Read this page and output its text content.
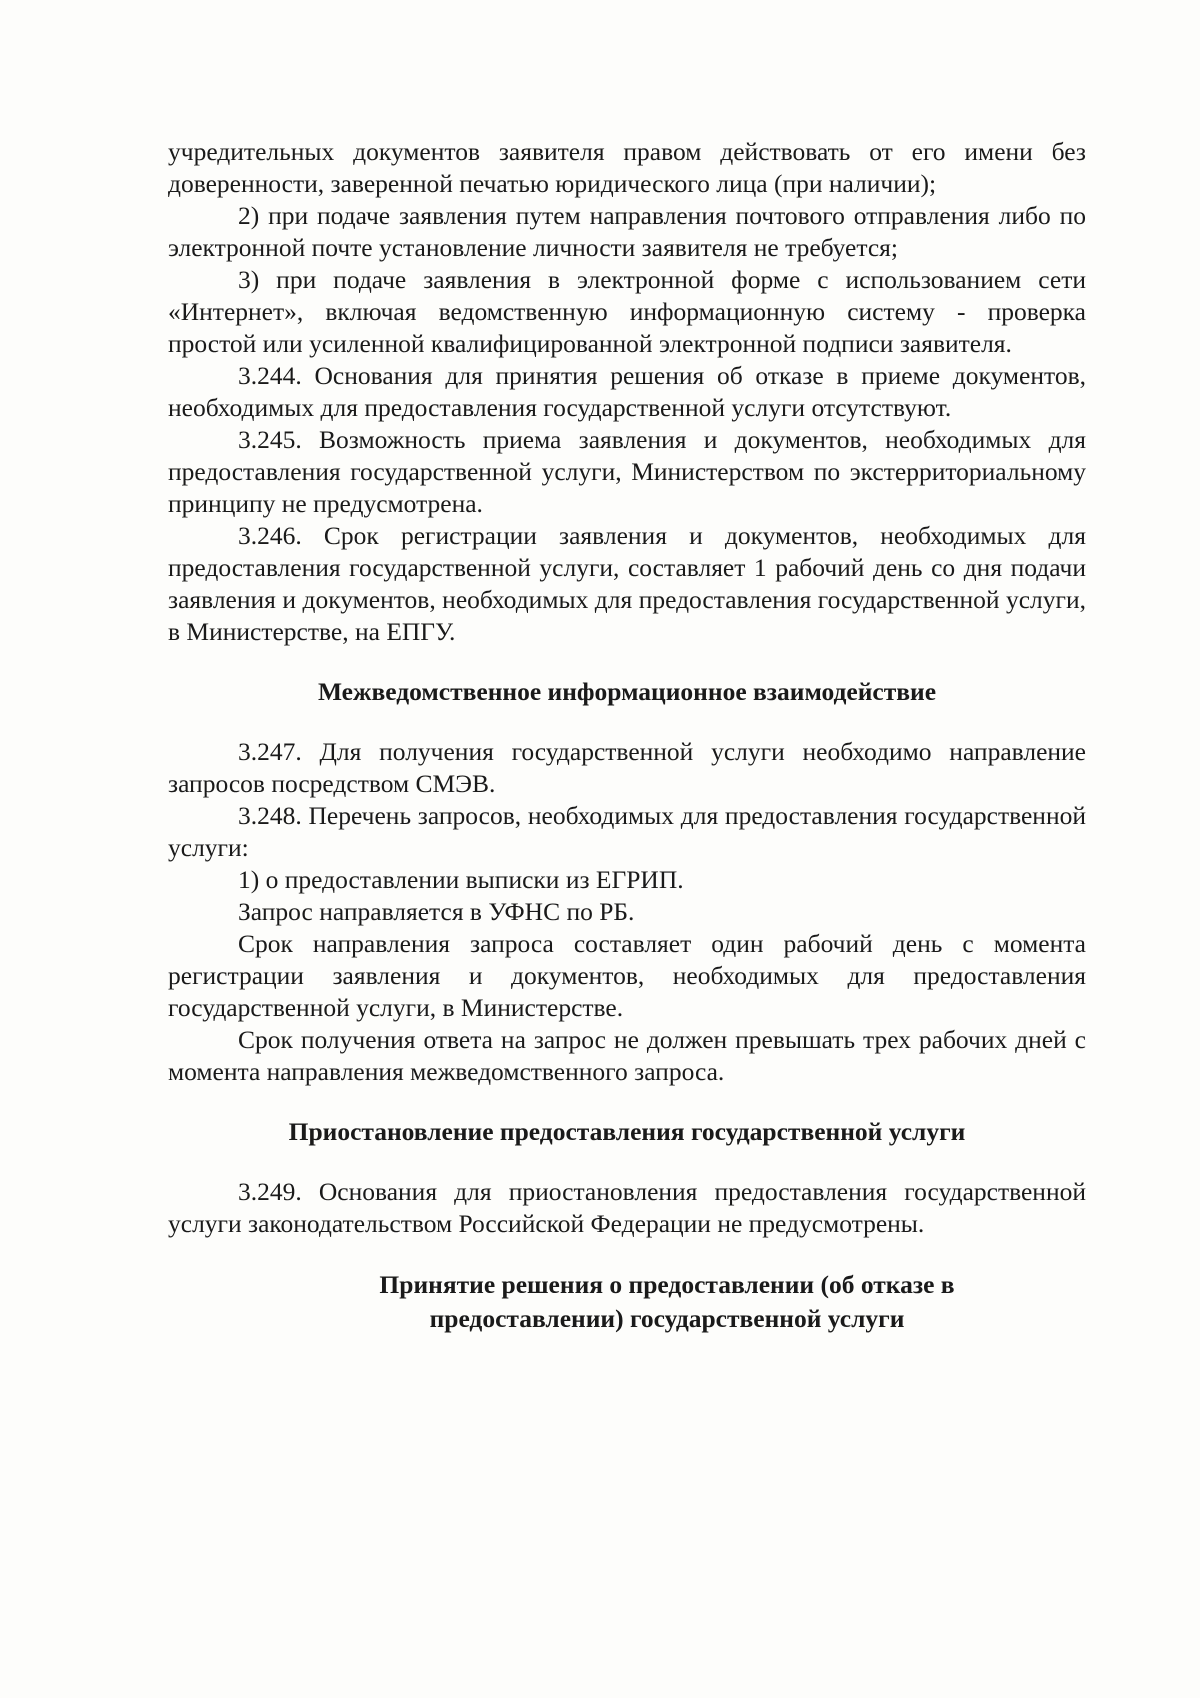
учредительных документов заявителя правом действовать от его имени без доверенности, заверенной печатью юридического лица (при наличии);

2) при подаче заявления путем направления почтового отправления либо по электронной почте установление личности заявителя не требуется;

3) при подаче заявления в электронной форме с использованием сети «Интернет», включая ведомственную информационную систему - проверка простой или усиленной квалифицированной электронной подписи заявителя.

3.244. Основания для принятия решения об отказе в приеме документов, необходимых для предоставления государственной услуги отсутствуют.

3.245. Возможность приема заявления и документов, необходимых для предоставления государственной услуги, Министерством по экстерриториальному принципу не предусмотрена.

3.246. Срок регистрации заявления и документов, необходимых для предоставления государственной услуги, составляет 1 рабочий день со дня подачи заявления и документов, необходимых для предоставления государственной услуги, в Министерстве, на ЕПГУ.

Межведомственное информационное взаимодействие

3.247. Для получения государственной услуги необходимо направление запросов посредством СМЭВ.

3.248. Перечень запросов, необходимых для предоставления государственной услуги:

1) о предоставлении выписки из ЕГРИП.

Запрос направляется в УФНС по РБ.

Срок направления запроса составляет один рабочий день с момента регистрации заявления и документов, необходимых для предоставления государственной услуги, в Министерстве.

Срок получения ответа на запрос не должен превышать трех рабочих дней с момента направления межведомственного запроса.

Приостановление предоставления государственной услуги

3.249. Основания для приостановления предоставления государственной услуги законодательством Российской Федерации не предусмотрены.

Принятие решения о предоставлении (об отказе в
предоставлении) государственной услуги
